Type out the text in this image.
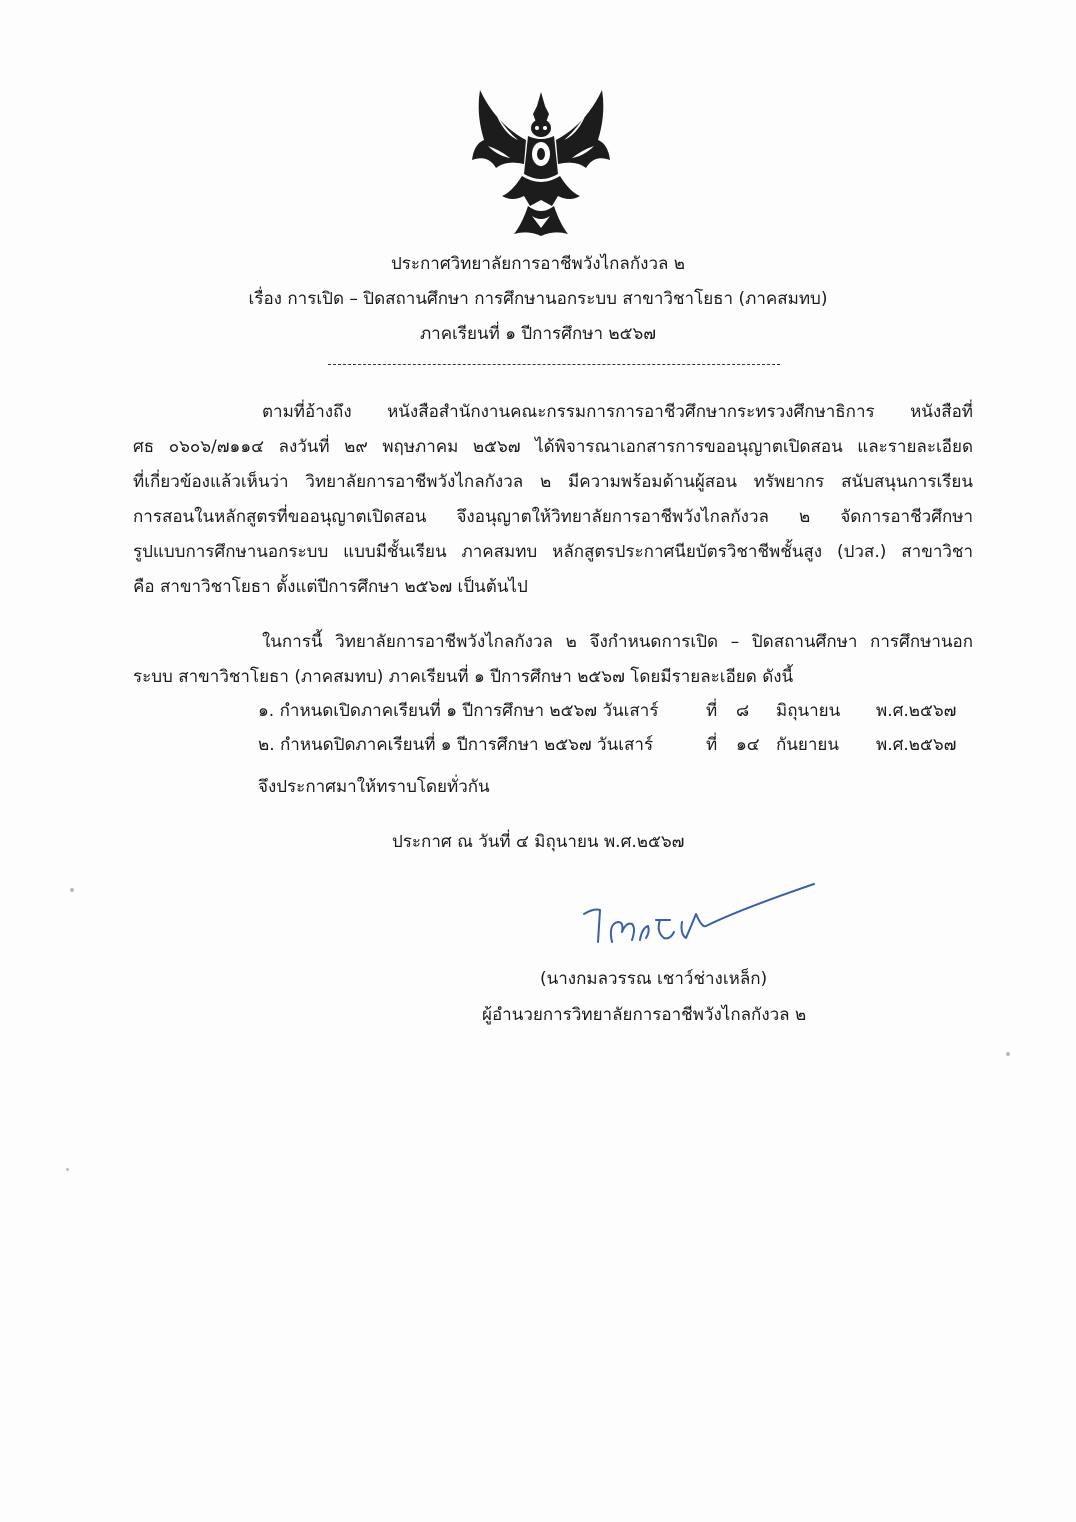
ประกาศวิทยาลัยการอาชีพวังไกลกังวล ๒
เรื่อง การเปิด – ปิดสถานศึกษา การศึกษานอกระบบ สาขาวิชาโยธา (ภาคสมทบ)
ภาคเรียนที่ ๑ ปีการศึกษา ๒๕๖๗
ตามที่อ้างถึง หนังสือสำนักงานคณะกรรมการการอาชีวศึกษากระทรวงศึกษาธิการ หนังสือที่
ศธ ๐๖๐๖/๗๑๑๔ ลงวันที่ ๒๙ พฤษภาคม ๒๕๖๗ ได้พิจารณาเอกสารการขออนุญาตเปิดสอน และรายละเอียด
ที่เกี่ยวข้องแล้วเห็นว่า วิทยาลัยการอาชีพวังไกลกังวล ๒ มีความพร้อมด้านผู้สอน ทรัพยากร สนับสนุนการเรียน
การสอนในหลักสูตรที่ขออนุญาตเปิดสอน จึงอนุญาตให้วิทยาลัยการอาชีพวังไกลกังวล ๒ จัดการอาชีวศึกษา
รูปแบบการศึกษานอกระบบ แบบมีชั้นเรียน ภาคสมทบ หลักสูตรประกาศนียบัตรวิชาชีพชั้นสูง (ปวส.) สาขาวิชา
คือ สาขาวิชาโยธา ตั้งแต่ปีการศึกษา ๒๕๖๗ เป็นต้นไป
ในการนี้ วิทยาลัยการอาชีพวังไกลกังวล ๒ จึงกำหนดการเปิด – ปิดสถานศึกษา การศึกษานอก
ระบบ สาขาวิชาโยธา (ภาคสมทบ) ภาคเรียนที่ ๑ ปีการศึกษา ๒๕๖๗ โดยมีรายละเอียด ดังนี้
๑. กำหนดเปิดภาคเรียนที่ ๑ ปีการศึกษา ๒๕๖๗ วันเสาร์	ที่ ๘ มิถุนายน พ.ศ.๒๕๖๗
๒. กำหนดปิดภาคเรียนที่ ๑ ปีการศึกษา ๒๕๖๗ วันเสาร์	ที่ ๑๔ กันยายน พ.ศ.๒๕๖๗
จึงประกาศมาให้ทราบโดยทั่วกัน
ประกาศ ณ วันที่ ๔ มิถุนายน พ.ศ.๒๕๖๗
(นางกมลวรรณ เชาว์ช่างเหล็ก)
ผู้อำนวยการวิทยาลัยการอาชีพวังไกลกังวล ๒
